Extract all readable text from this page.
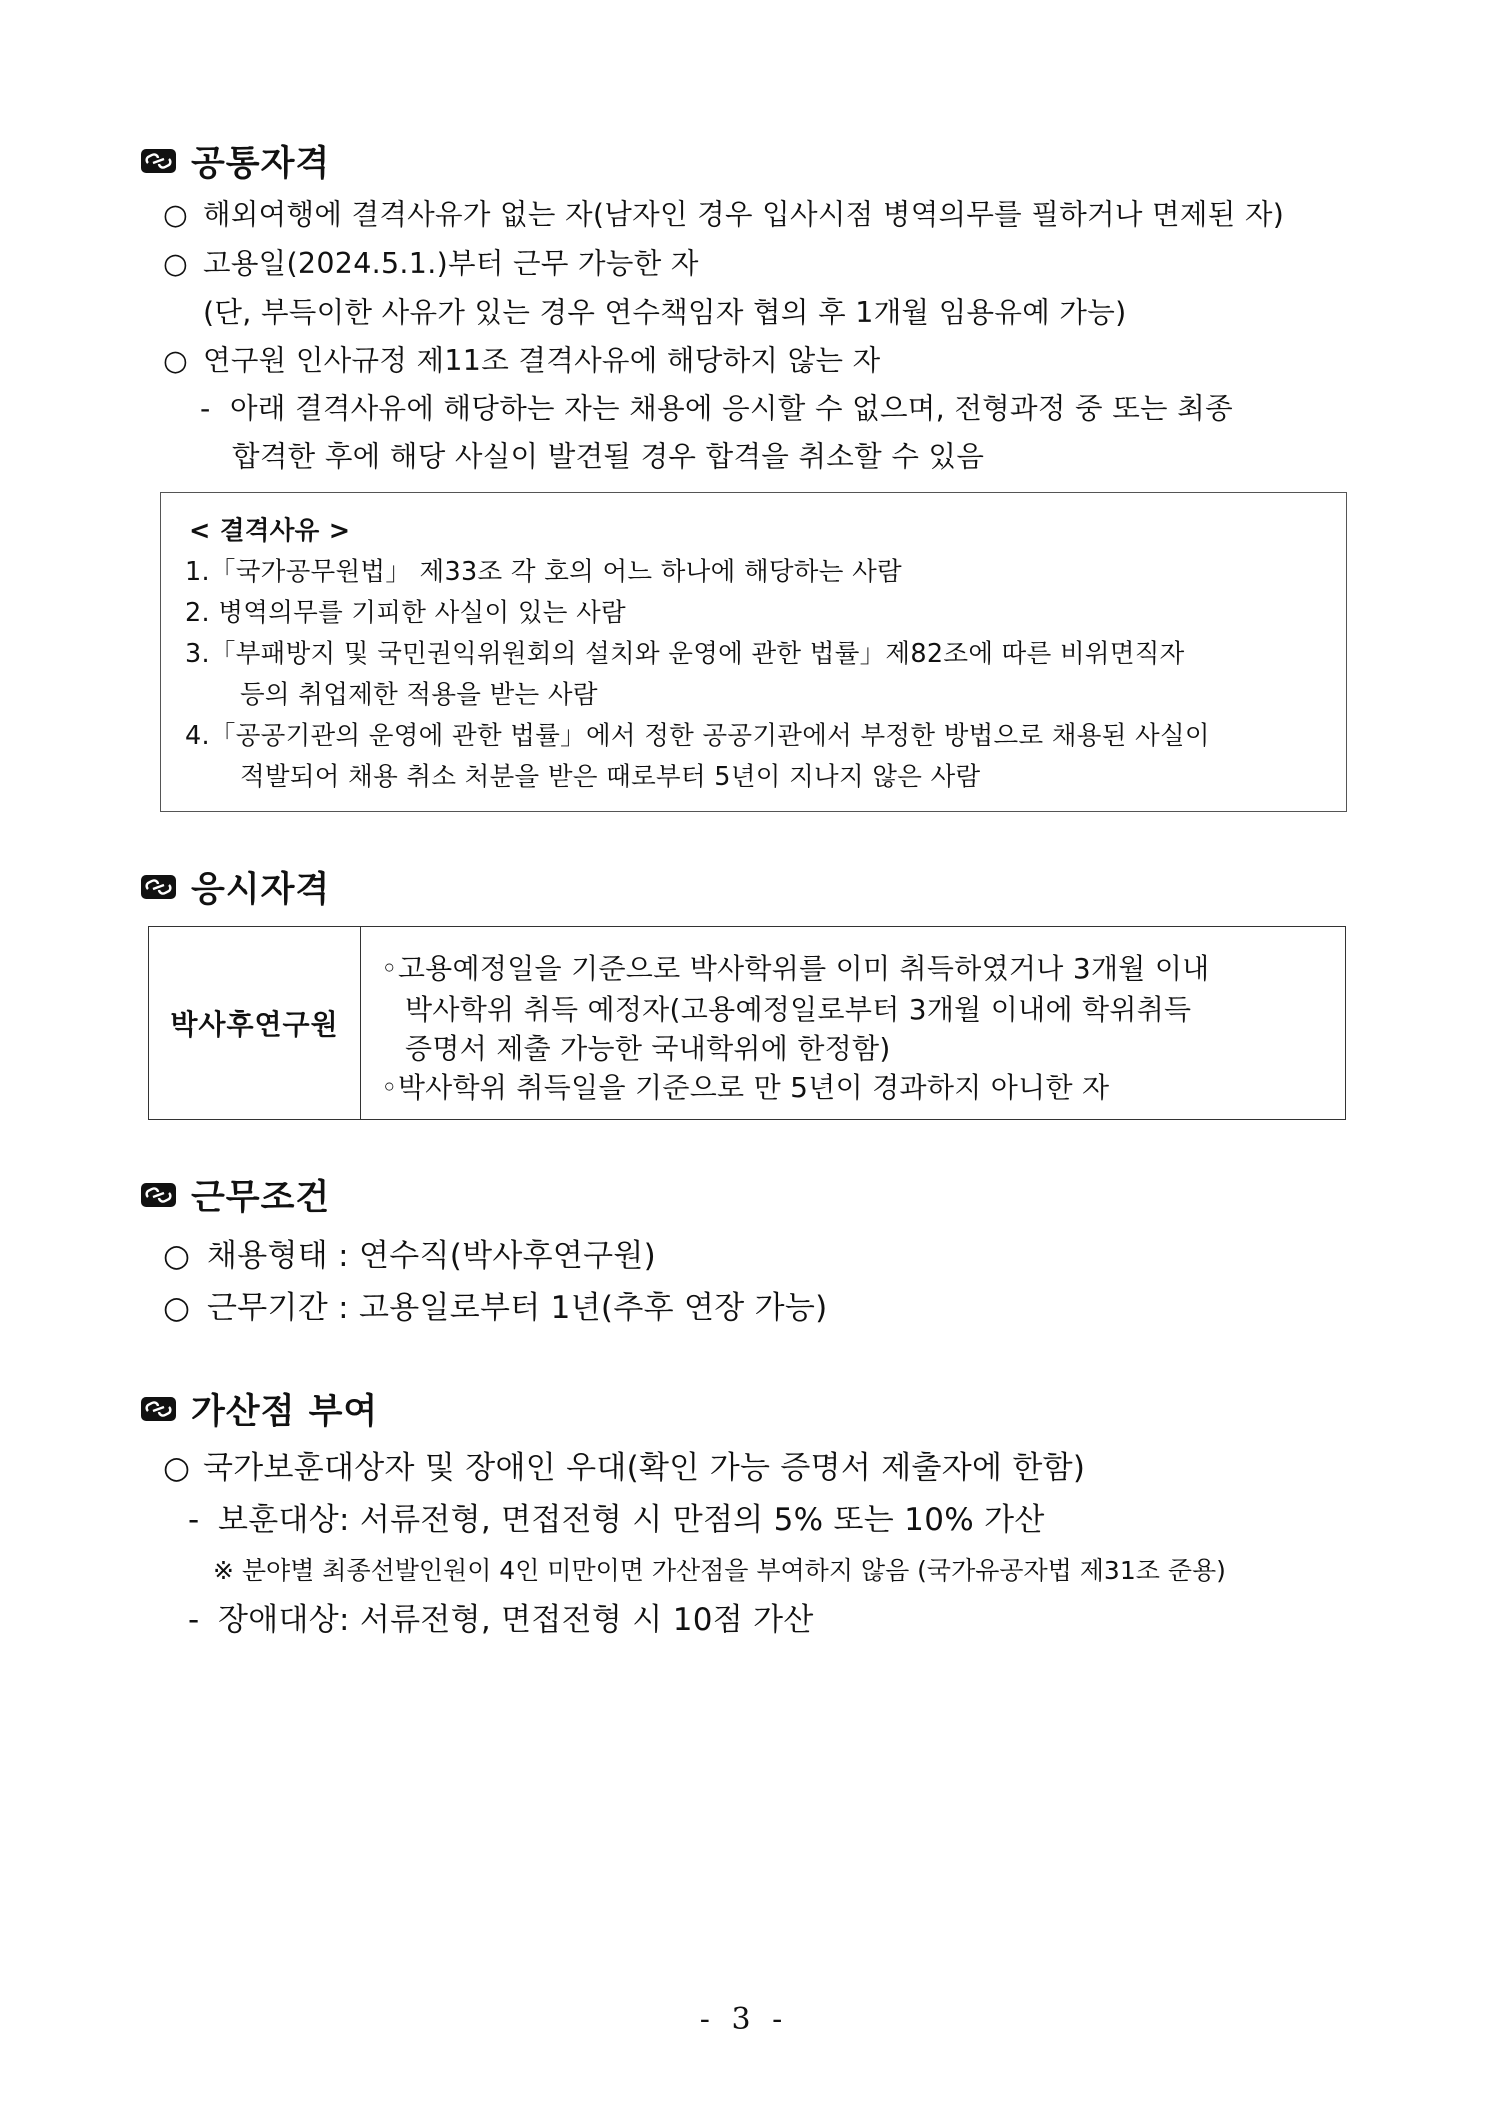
공통자격
○ 해외여행에 결격사유가 없는 자(남자인 경우 입사시점 병역의무를 필하거나 면제된 자)
○ 고용일(2024.5.1.)부터 근무 가능한 자
(단, 부득이한 사유가 있는 경우 연수책임자 협의 후 1개월 임용유예 가능)
○ 연구원 인사규정 제11조 결격사유에 해당하지 않는 자
- 아래 결격사유에 해당하는 자는 채용에 응시할 수 없으며, 전형과정 중 또는 최종
합격한 후에 해당 사실이 발견될 경우 합격을 취소할 수 있음
< 결격사유 >
1.「국가공무원법」 제33조 각 호의 어느 하나에 해당하는 사람
2. 병역의무를 기피한 사실이 있는 사람
3.「부패방지 및 국민권익위원회의 설치와 운영에 관한 법률」제82조에 따른 비위면직자
등의 취업제한 적용을 받는 사람
4.「공공기관의 운영에 관한 법률」에서 정한 공공기관에서 부정한 방법으로 채용된 사실이
적발되어 채용 취소 처분을 받은 때로부터 5년이 지나지 않은 사람
응시자격
박사후연구원
◦고용예정일을 기준으로 박사학위를 이미 취득하였거나 3개월 이내
박사학위 취득 예정자(고용예정일로부터 3개월 이내에 학위취득
증명서 제출 가능한 국내학위에 한정함)
◦박사학위 취득일을 기준으로 만 5년이 경과하지 아니한 자
근무조건
○ 채용형태 : 연수직(박사후연구원)
○ 근무기간 : 고용일로부터 1년(추후 연장 가능)
가산점 부여
○ 국가보훈대상자 및 장애인 우대(확인 가능 증명서 제출자에 한함)
- 보훈대상: 서류전형, 면접전형 시 만점의 5% 또는 10% 가산
※ 분야별 최종선발인원이 4인 미만이면 가산점을 부여하지 않음 (국가유공자법 제31조 준용)
- 장애대상: 서류전형, 면접전형 시 10점 가산
- 3 -
